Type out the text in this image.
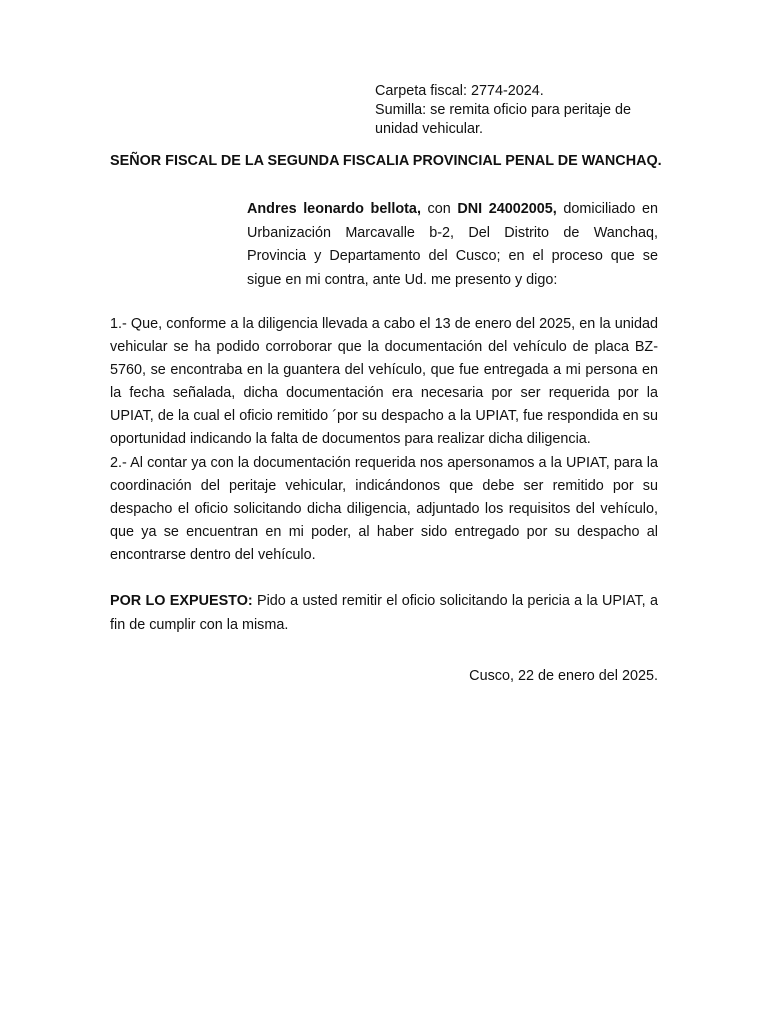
Carpeta fiscal: 2774-2024.
Sumilla: se remita oficio para peritaje de
unidad vehicular.
SEÑOR FISCAL DE LA SEGUNDA FISCALIA PROVINCIAL PENAL DE WANCHAQ.
Andres leonardo bellota, con DNI 24002005, domiciliado en Urbanización Marcavalle b-2, Del Distrito de Wanchaq, Provincia y Departamento del Cusco; en el proceso que se sigue en mi contra, ante Ud. me presento y digo:

1.- Que, conforme a la diligencia llevada a cabo el 13 de enero del 2025, en la unidad vehicular se ha podido corroborar que la documentación del vehículo de placa BZ- 5760, se encontraba en la guantera del vehículo, que fue entregada a mi persona en la fecha señalada, dicha documentación era necesaria por ser requerida por la UPIAT, de la cual el oficio remitido ´por su despacho a la UPIAT, fue respondida en su oportunidad indicando la falta de documentos para realizar dicha diligencia.

2.- Al contar ya con la documentación requerida nos apersonamos a la UPIAT, para la coordinación del peritaje vehicular, indicándonos que debe ser remitido por su despacho el oficio solicitando dicha diligencia, adjuntado los requisitos del vehículo, que ya se encuentran en mi poder, al haber sido entregado por su despacho al encontrarse dentro del vehículo.

POR LO EXPUESTO: Pido a usted remitir el oficio solicitando la pericia a la UPIAT, a fin de cumplir con la misma.
Cusco, 22 de enero del 2025.
